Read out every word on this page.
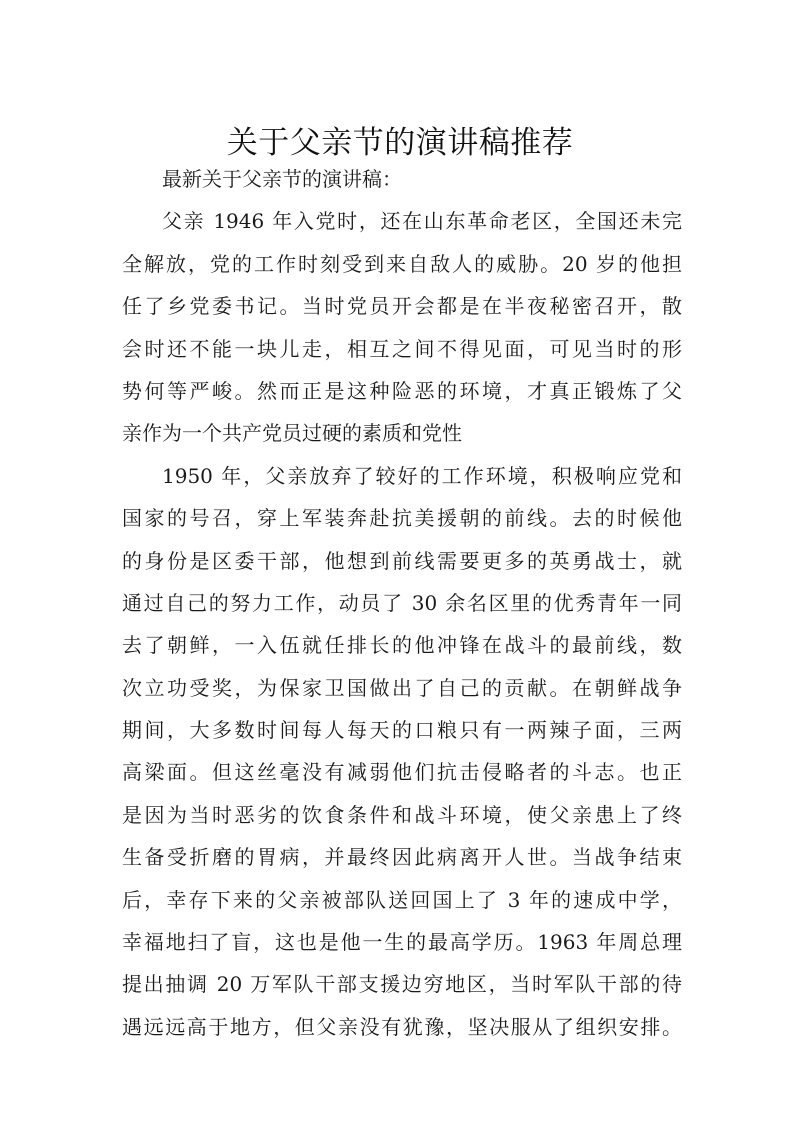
关于父亲节的演讲稿推荐
最新关于父亲节的演讲稿：
父亲 1946 年入党时，还在山东革命老区，全国还未完
全解放，党的工作时刻受到来自敌人的威胁。20 岁的他担
任了乡党委书记。当时党员开会都是在半夜秘密召开，散
会时还不能一块儿走，相互之间不得见面，可见当时的形
势何等严峻。然而正是这种险恶的环境，才真正锻炼了父
亲作为一个共产党员过硬的素质和党性
1950 年，父亲放弃了较好的工作环境，积极响应党和
国家的号召，穿上军装奔赴抗美援朝的前线。去的时候他
的身份是区委干部，他想到前线需要更多的英勇战士，就
通过自己的努力工作，动员了 30 余名区里的优秀青年一同
去了朝鲜，一入伍就任排长的他冲锋在战斗的最前线，数
次立功受奖，为保家卫国做出了自己的贡献。在朝鲜战争
期间，大多数时间每人每天的口粮只有一两辣子面，三两
高梁面。但这丝毫没有减弱他们抗击侵略者的斗志。也正
是因为当时恶劣的饮食条件和战斗环境，使父亲患上了终
生备受折磨的胃病，并最终因此病离开人世。当战争结束
后，幸存下来的父亲被部队送回国上了 3 年的速成中学，
幸福地扫了盲，这也是他一生的最高学历。1963 年周总理
提出抽调 20 万军队干部支援边穷地区，当时军队干部的待
遇远远高于地方，但父亲没有犹豫，坚决服从了组织安排。
